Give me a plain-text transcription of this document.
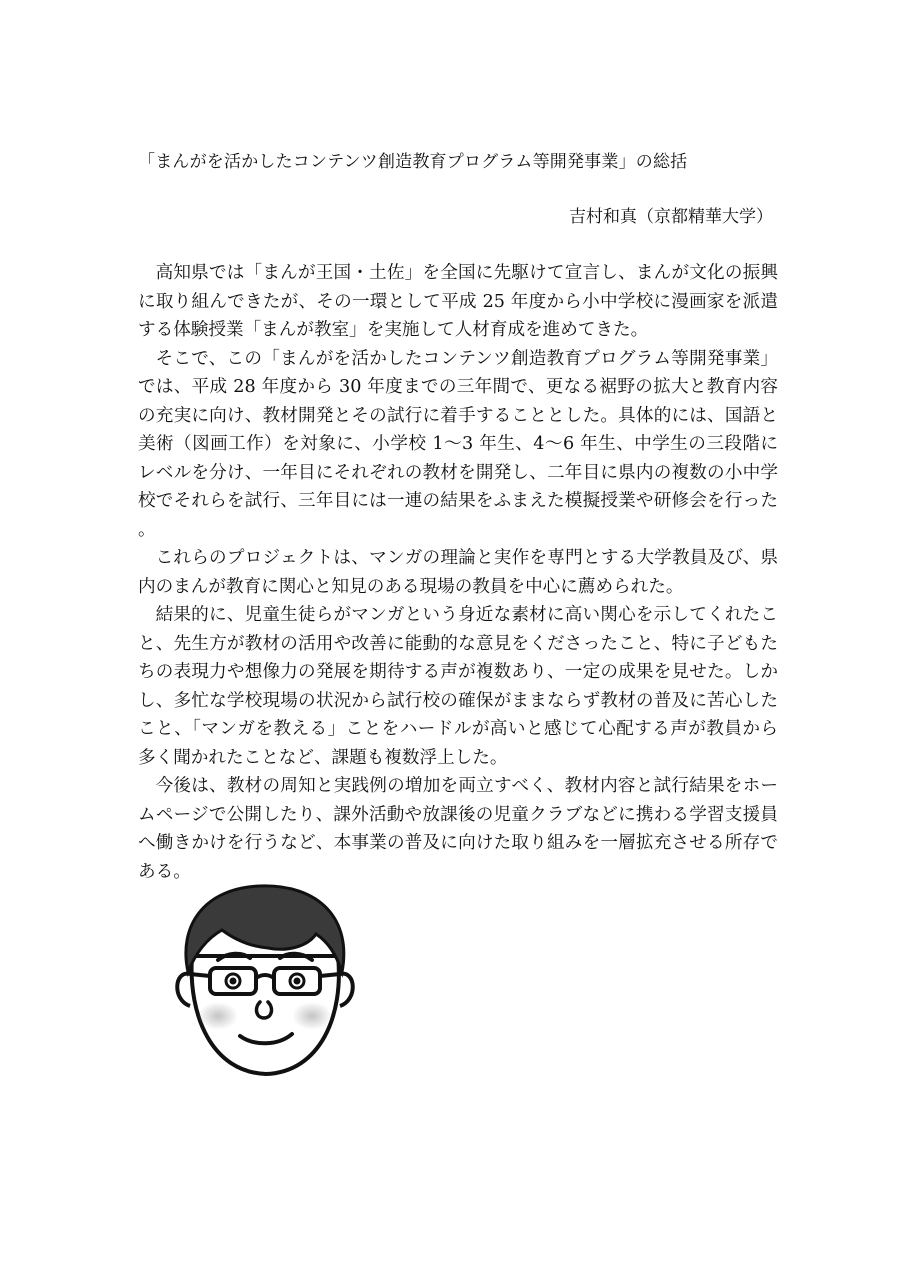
「まんがを活かしたコンテンツ創造教育プログラム等開発事業」の総括
吉村和真（京都精華大学）

高知県では「まんが王国・土佐」を全国に先駆けて宣言し、まんが文化の振興に取り組んできたが、その一環として平成 25 年度から小中学校に漫画家を派遣する体験授業「まんが教室」を実施して人材育成を進めてきた。

そこで、この「まんがを活かしたコンテンツ創造教育プログラム等開発事業」では、平成 28 年度から 30 年度までの三年間で、更なる裾野の拡大と教育内容の充実に向け、教材開発とその試行に着手することとした。具体的には、国語と美術（図画工作）を対象に、小学校 1〜3 年生、4〜6 年生、中学生の三段階にレベルを分け、一年目にそれぞれの教材を開発し、二年目に県内の複数の小中学校でそれらを試行、三年目には一連の結果をふまえた模擬授業や研修会を行った。

これらのプロジェクトは、マンガの理論と実作を専門とする大学教員及び、県内のまんが教育に関心と知見のある現場の教員を中心に薦められた。

結果的に、児童生徒らがマンガという身近な素材に高い関心を示してくれたこと、先生方が教材の活用や改善に能動的な意見をくださったこと、特に子どもたちの表現力や想像力の発展を期待する声が複数あり、一定の成果を見せた。しかし、多忙な学校現場の状況から試行校の確保がままならず教材の普及に苦心したこと、「マンガを教える」ことをハードルが高いと感じて心配する声が教員から多く聞かれたことなど、課題も複数浮上した。

今後は、教材の周知と実践例の増加を両立すべく、教材内容と試行結果をホームページで公開したり、課外活動や放課後の児童クラブなどに携わる学習支援員へ働きかけを行うなど、本事業の普及に向けた取り組みを一層拡充させる所存である。
